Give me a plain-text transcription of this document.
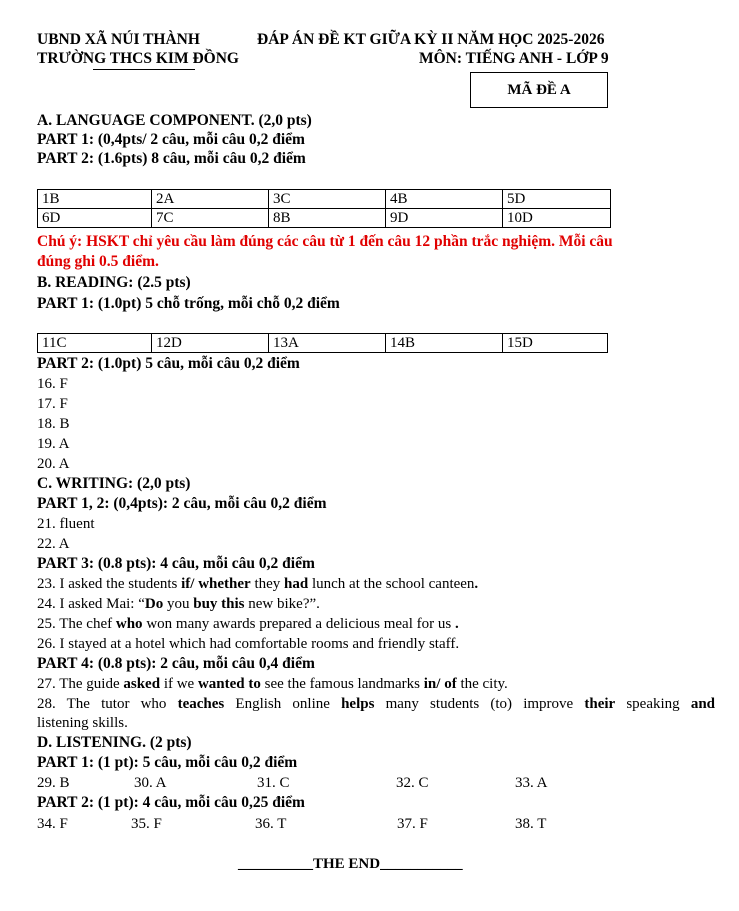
UBND XÃ NÚI THÀNH
TRƯỜNG THCS KIM ĐỒNG
ĐÁP ÁN ĐỀ KT GIỮA KỲ II NĂM HỌC 2025-2026
MÔN: TIẾNG ANH - LỚP 9
MÃ ĐỀ A
A. LANGUAGE COMPONENT. (2,0 pts)
PART 1: (0,4pts/ 2 câu, mỗi câu 0,2 điểm
PART 2: (1.6pts) 8 câu, mỗi câu 0,2 điểm
1B	2A	3C	4B	5D
6D	7C	8B	9D	10D
Chú ý: HSKT chỉ yêu cầu làm đúng các câu từ 1 đến câu 12 phần trắc nghiệm. Mỗi câu
đúng ghi 0.5 điểm.
B. READING: (2.5 pts)
PART 1: (1.0pt) 5 chỗ trống, mỗi chỗ 0,2 điểm
11C	12D	13A	14B	15D
PART 2: (1.0pt) 5 câu, mỗi câu 0,2 điểm
16. F
17. F
18. B
19. A
20. A
C. WRITING: (2,0 pts)
PART 1, 2: (0,4pts): 2 câu, mỗi câu 0,2 điểm
21. fluent
22. A
PART 3: (0.8 pts): 4 câu, mỗi câu 0,2 điểm
23. I asked the students if/ whether they had lunch at the school canteen.
24. I asked Mai: “Do you buy this new bike?”.
25. The chef who won many awards prepared a delicious meal for us .
26. I stayed at a hotel which had comfortable rooms and friendly staff.
PART 4: (0.8 pts): 2 câu, mỗi câu 0,4 điểm
27. The guide asked if we wanted to see the famous landmarks in/ of the city.
28. The tutor who teaches English online helps many students (to) improve their speaking and
listening skills.
D. LISTENING. (2 pts)
PART 1: (1 pt): 5 câu, mỗi câu 0,2 điểm
29. B	30. A	31. C	32. C	33. A
PART 2: (1 pt): 4 câu, mỗi câu 0,25 điểm
34. F	35. F	36. T	37. F	38. T
__________THE END___________
